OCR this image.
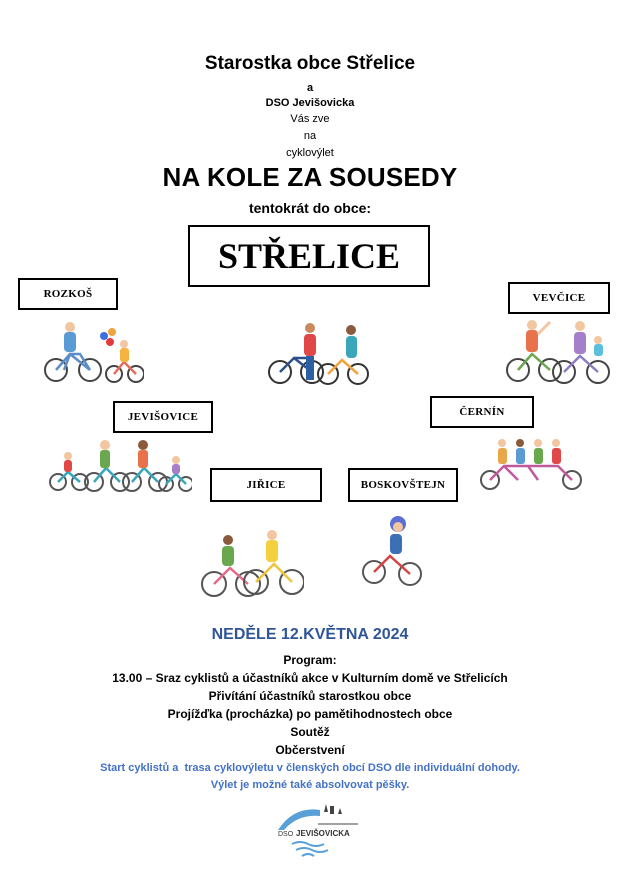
Starostka obce Střelice
a
DSO Jevišovicka
Vás zve
na
cyklovýlet
NA KOLE ZA SOUSEDY
tentokrát do obce:
STŘELICE
ROZKOŠ	VEVČICE
JEVIŠOVICE	ČERNÍN
JIŘICE	BOSKOVŠTEJN
NEDĚLE 12.KVĚTNA 2024
Program:
13.00 – Sraz cyklistů a účastníků akce v Kulturním domě ve Střelicích
Přivítání účastníků starostkou obce
Projížďka (procházka) po pamětihodnostech obce
Soutěž
Občerstvení
Start cyklistů a  trasa cyklovýletu v členských obcí DSO dle individuální dohody.
Výlet je možné také absolvovat pěšky.
DSO JEVIŠOVICKA
